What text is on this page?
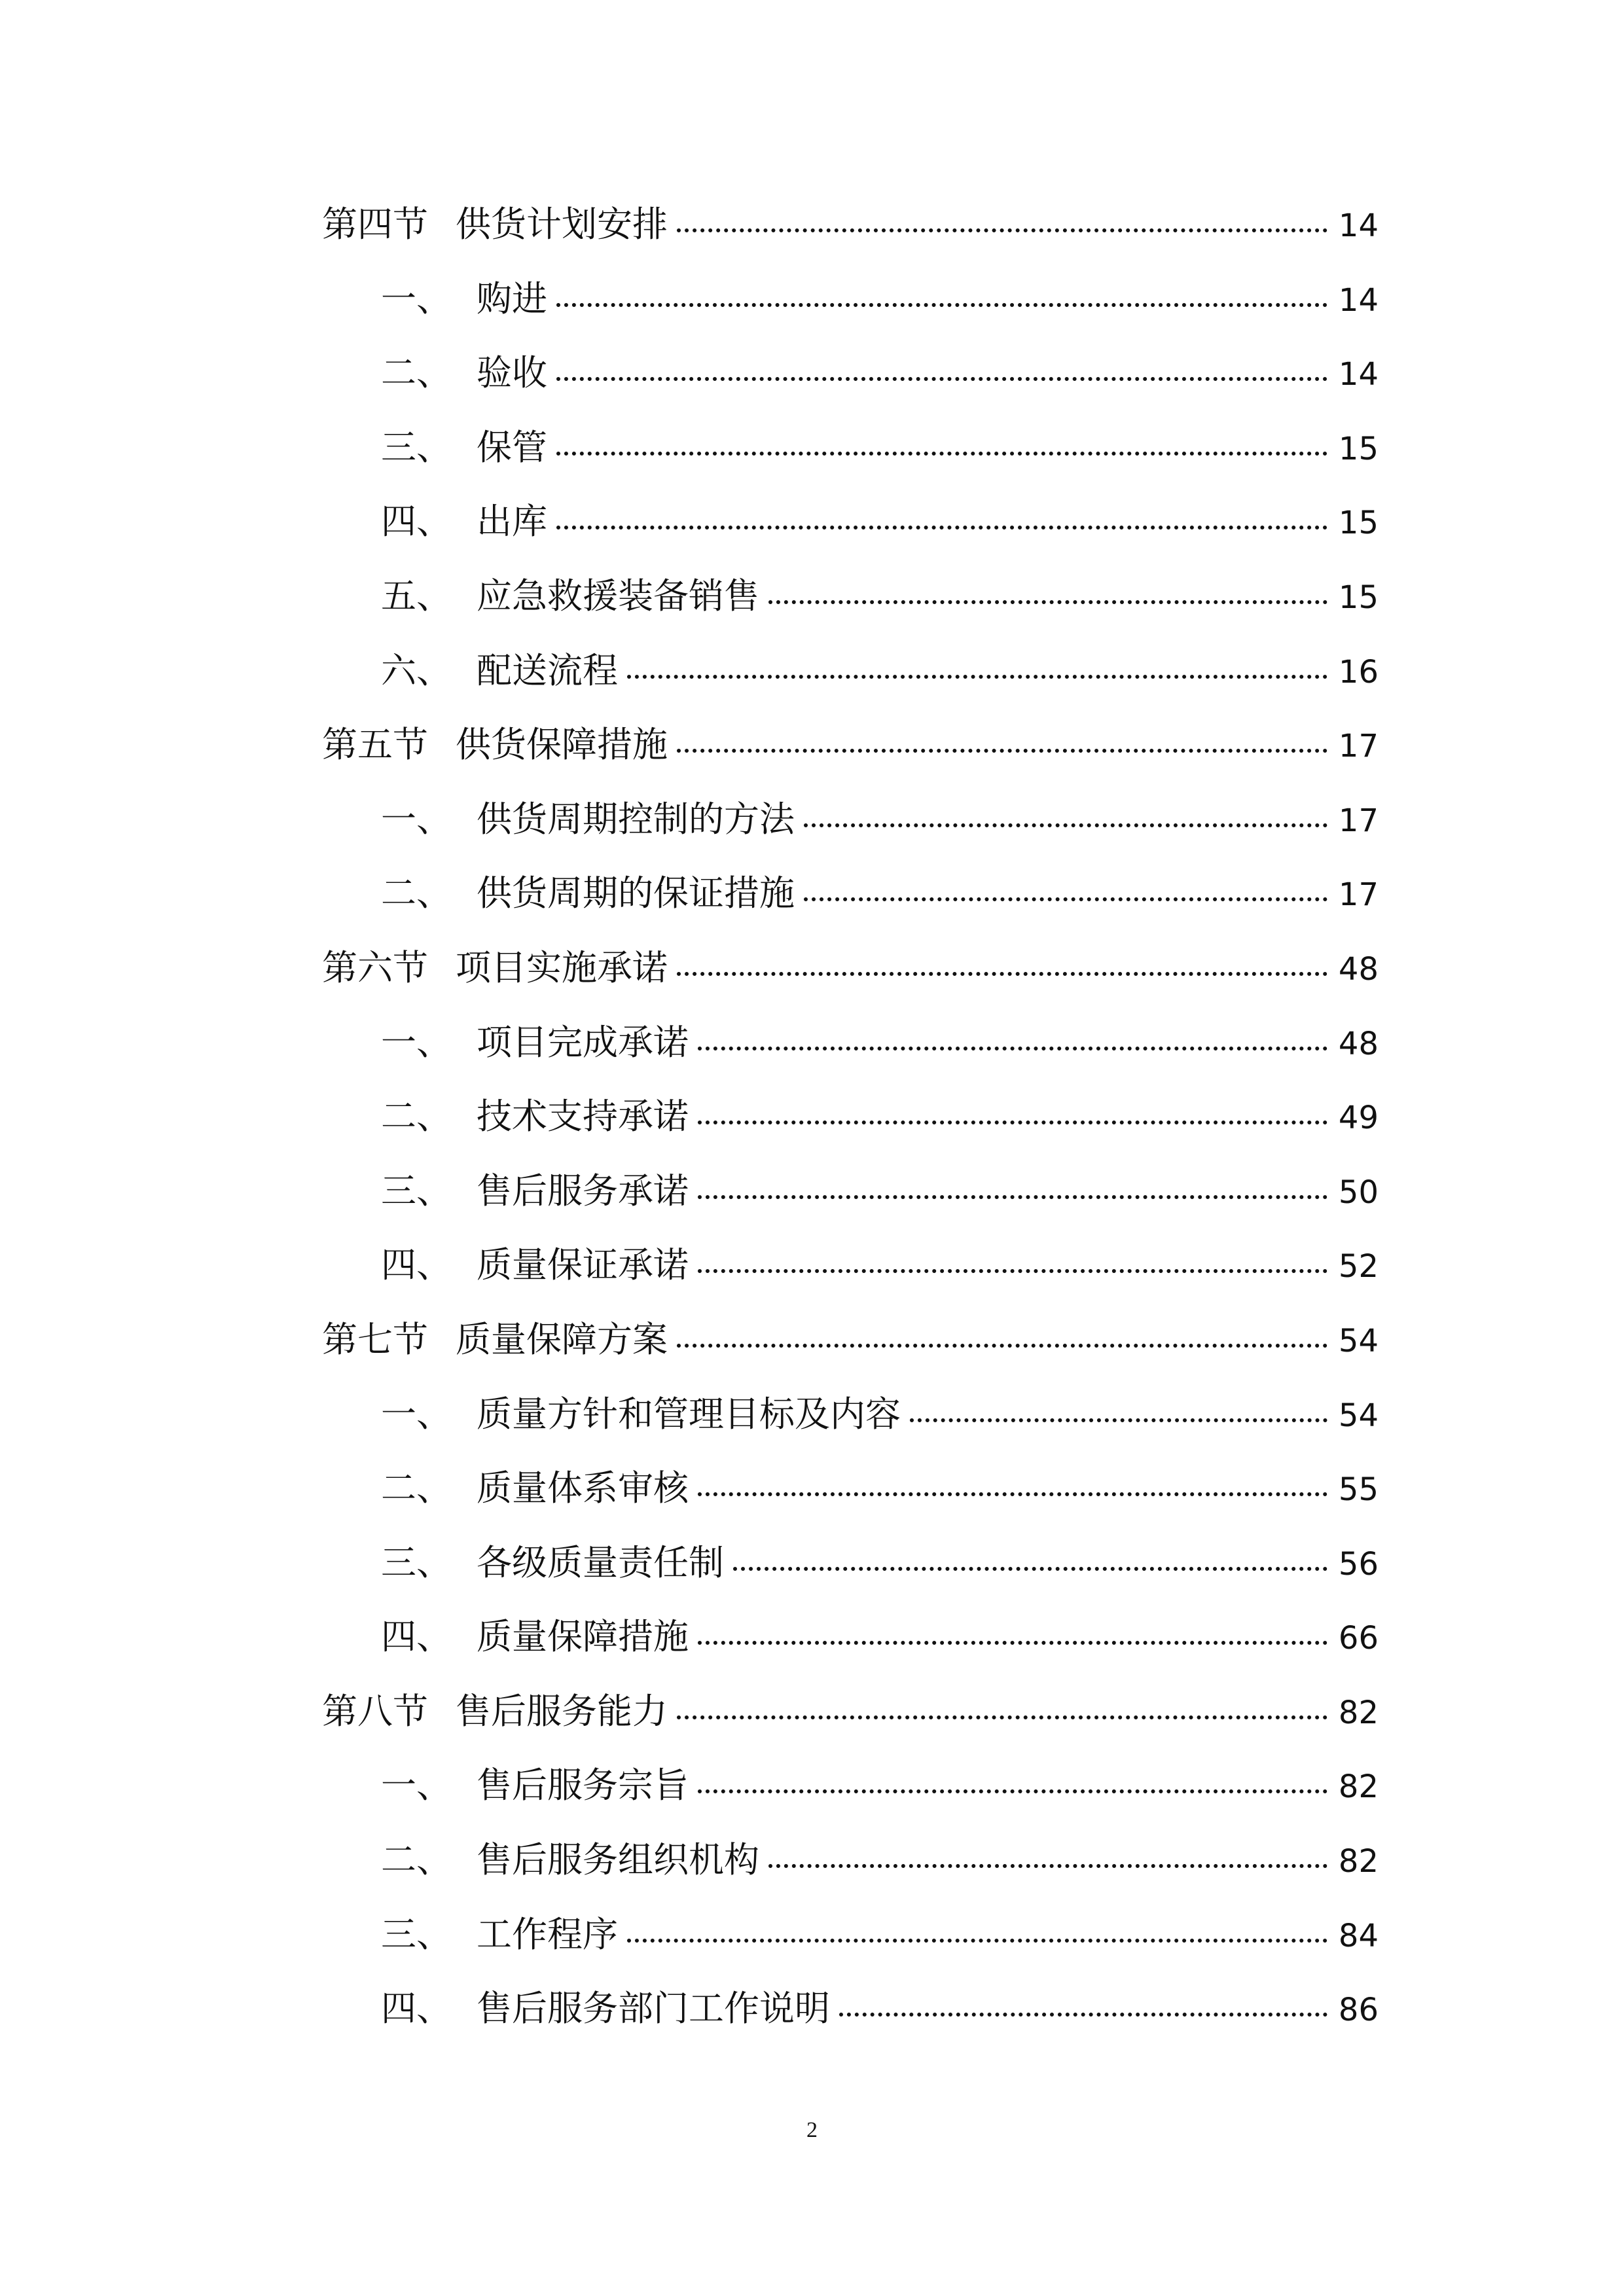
第四节 供货计划安排	14
一、 购进	14
二、 验收	14
三、 保管	15
四、 出库	15
五、 应急救援装备销售	15
六、 配送流程	16
第五节 供货保障措施	17
一、 供货周期控制的方法	17
二、 供货周期的保证措施	17
第六节 项目实施承诺	48
一、 项目完成承诺	48
二、 技术支持承诺	49
三、 售后服务承诺	50
四、 质量保证承诺	52
第七节 质量保障方案	54
一、 质量方针和管理目标及内容	54
二、 质量体系审核	55
三、 各级质量责任制	56
四、 质量保障措施	66
第八节 售后服务能力	82
一、 售后服务宗旨	82
二、 售后服务组织机构	82
三、 工作程序	84
四、 售后服务部门工作说明	86
2
